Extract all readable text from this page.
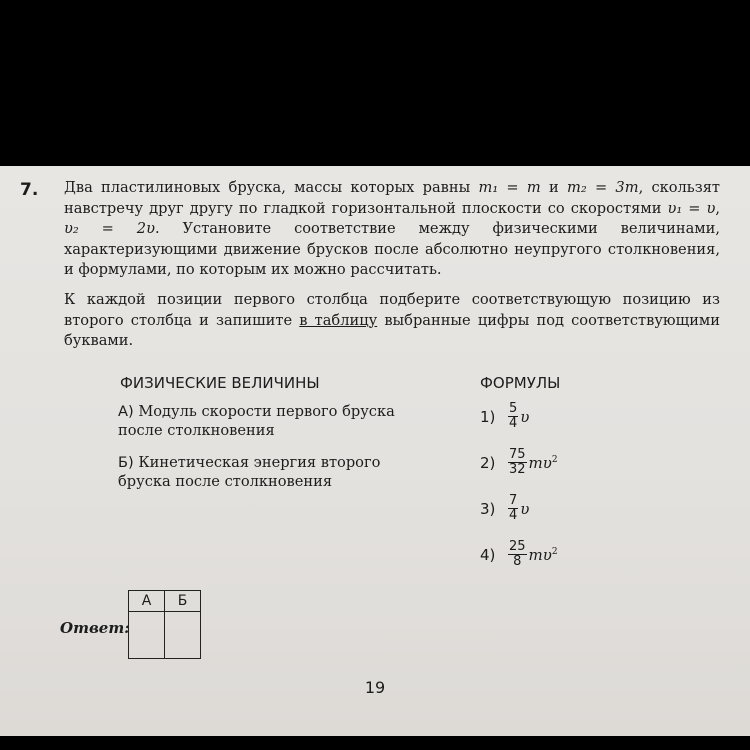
7. Два пластилиновых бруска, массы которых равны m₁ = m и m₂ = 3m, скользят навстречу друг другу по гладкой горизонтальной плоскости со скоростями υ₁ = υ, υ₂ = 2υ. Установите соответствие между физическими величинами, характеризующими движение брусков после абсолютно неупругого столкновения, и формулами, по которым их можно рассчитать.
К каждой позиции первого столбца подберите соответствующую позицию из второго столбца и запишите в таблицу выбранные цифры под соответствующими буквами.
ФИЗИЧЕСКИЕ ВЕЛИЧИНЫ	ФОРМУЛЫ
А) Модуль скорости первого бруска после столкновения
Б) Кинетическая энергия второго бруска после столкновения
$1) \frac{5}{4}$ υ
$2) \frac{75}{32} m\upsilon^2$
$3) \frac{7}{4}$ υ
$4) \frac{25}{8} m\upsilon^2$
Ответ:
А	Б

19
